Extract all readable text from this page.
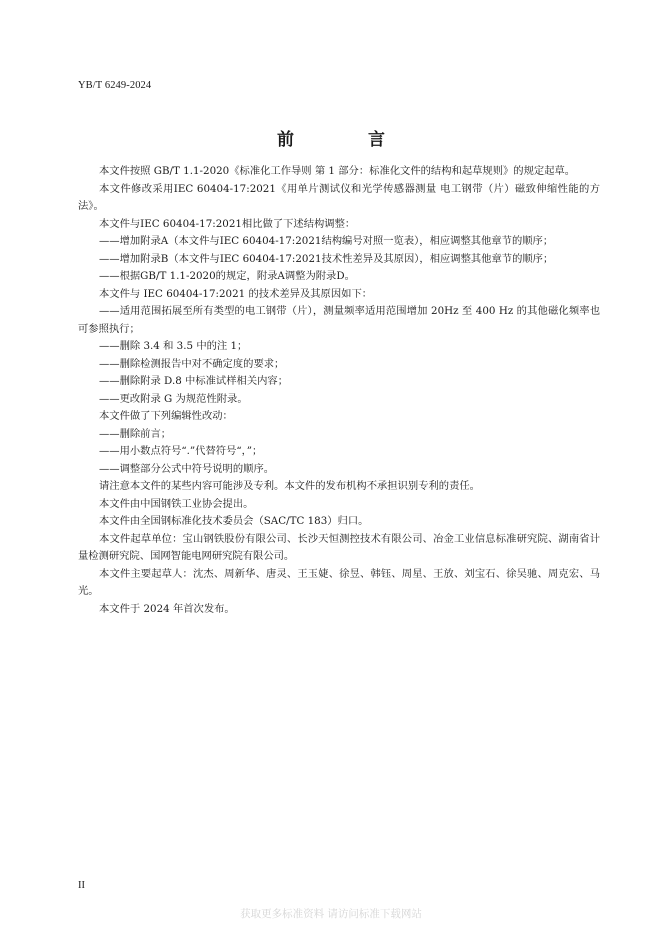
YB/T 6249-2024
前 言

本文件按照 GB/T 1.1-2020《标准化工作导则 第 1 部分：标准化文件的结构和起草规则》的规定起草。

本文件修改采用IEC 60404-17:2021《用单片测试仪和光学传感器测量 电工钢带（片）磁致伸缩性能的方法》。

本文件与IEC 60404-17:2021相比做了下述结构调整：

——增加附录A（本文件与IEC 60404-17:2021结构编号对照一览表），相应调整其他章节的顺序；

——增加附录B（本文件与IEC 60404-17:2021技术性差异及其原因），相应调整其他章节的顺序；

——根据GB/T 1.1-2020的规定，附录A调整为附录D。

本文件与 IEC 60404-17:2021 的技术差异及其原因如下：

——适用范围拓展至所有类型的电工钢带（片），测量频率适用范围增加 20Hz 至 400 Hz 的其他磁化频率也可参照执行；

——删除 3.4 和 3.5 中的注 1；

——删除检测报告中对不确定度的要求；

——删除附录 D.8 中标准试样相关内容；

——更改附录 G 为规范性附录。

本文件做了下列编辑性改动：

——删除前言；

——用小数点符号“.”代替符号“，”；

——调整部分公式中符号说明的顺序。

请注意本文件的某些内容可能涉及专利。本文件的发布机构不承担识别专利的责任。

本文件由中国钢铁工业协会提出。

本文件由全国钢标准化技术委员会（SAC/TC 183）归口。

本文件起草单位：宝山钢铁股份有限公司、长沙天恒测控技术有限公司、冶金工业信息标准研究院、湖南省计量检测研究院、国网智能电网研究院有限公司。

本文件主要起草人：沈杰、周新华、唐灵、王玉婕、徐昱、韩钰、周星、王放、刘宝石、徐吴驰、周克宏、马光。

本文件于 2024 年首次发布。

II
获取更多标准资料 请访问标准下载网站
